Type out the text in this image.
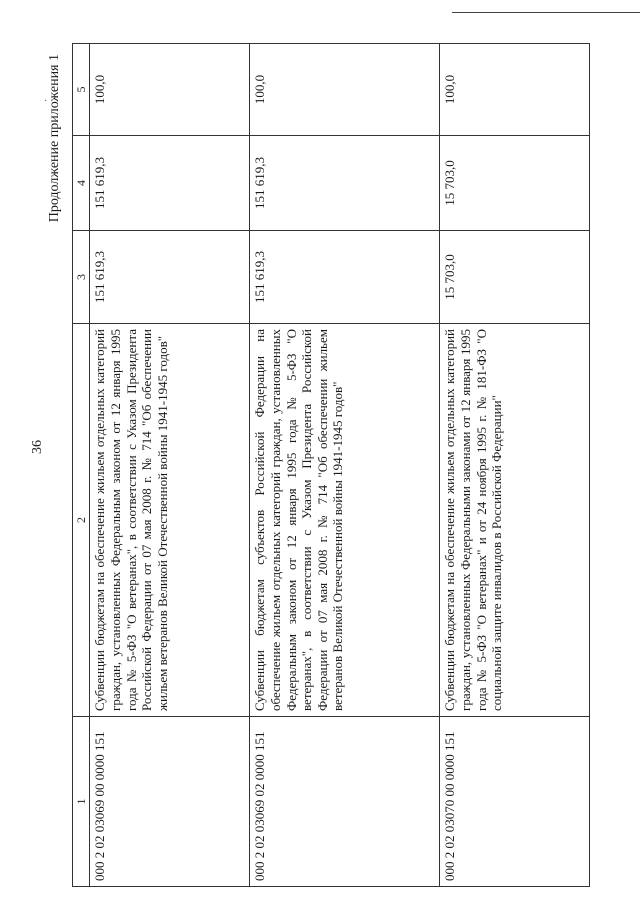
·
36
Продолжение приложения 1
1	2	3	4	5
000 2 02 03069 00 0000 151	Субвенции бюджетам на обеспечение жильем отдельных категорий граждан, установленных Федеральным законом от 12 января 1995 года № 5-ФЗ "О ветеранах", в соответствии с Указом Президента Российской Федерации от 07 мая 2008 г. № 714 "Об обеспечении жильем ветеранов Великой Отечественной войны 1941-1945 годов"	151 619,3	151 619,3	100,0
000 2 02 03069 02 0000 151	Субвенции бюджетам субъектов Российской Федерации на обеспечение жильем отдельных категорий граждан, установленных Федеральным законом от 12 января 1995 года № 5-ФЗ "О ветеранах", в соответствии с Указом Президента Российской Федерации от 07 мая 2008 г. № 714 "Об обеспечении жильем ветеранов Великой Отечественной войны 1941-1945 годов"	151 619,3	151 619,3	100,0
000 2 02 03070 00 0000 151	Субвенции бюджетам на обеспечение жильем отдельных категорий граждан, установленных Федеральными законами от 12 января 1995 года № 5-ФЗ "О ветеранах" и от 24 ноября 1995 г. № 181-ФЗ "О социальной защите инвалидов в Российской Федерации"	15 703,0	15 703,0	100,0
